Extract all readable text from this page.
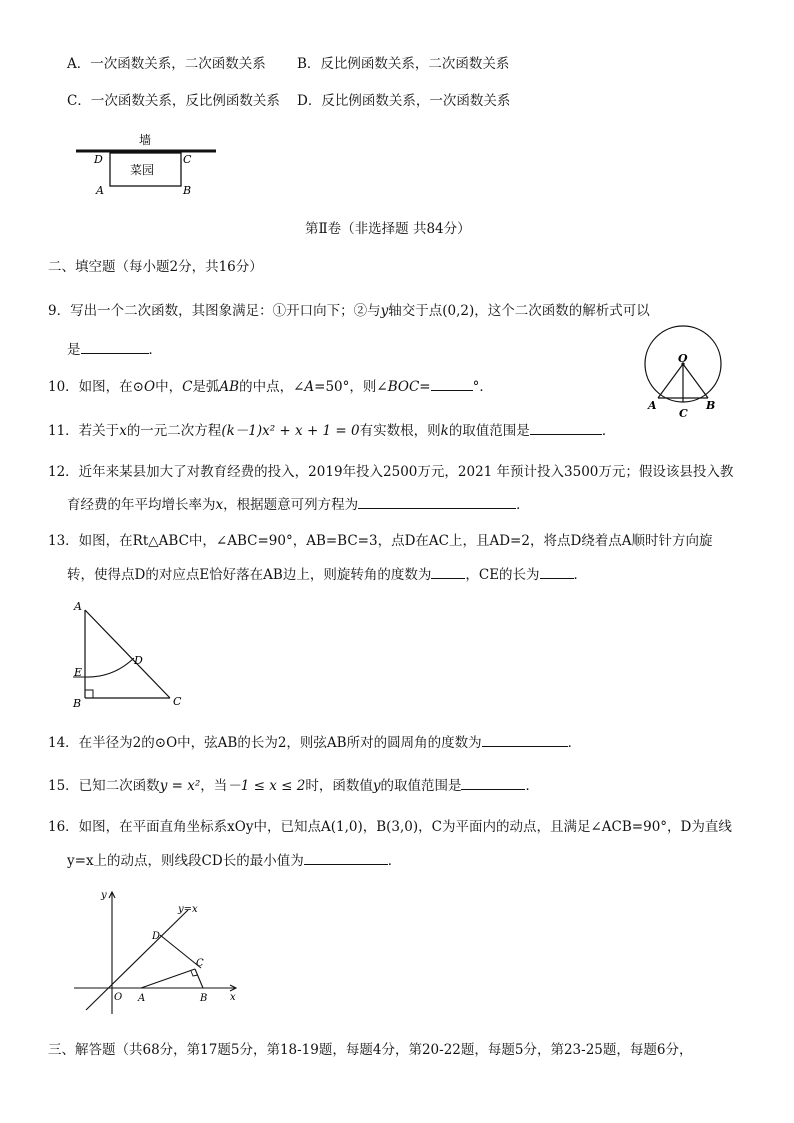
A．一次函数关系，二次函数关系 B．反比例函数关系，二次函数关系
C．一次函数关系，反比例函数关系 D．反比例函数关系，一次函数关系
墙
菜园
D	C
A	B
第Ⅱ卷（非选择题 共84分）
二、填空题（每小题2分，共16分）
9．写出一个二次函数，其图象满足：①开口向下；②与y轴交于点(0,2)，这个二次函数的解析式可以
是	．
10．如图，在⊙O中，C是弧AB的中点，∠A=50°，则∠BOC=	°．
O
A	B
C
11．若关于x的一元二次方程(k－1)x² + x + 1 = 0有实数根，则k的取值范围是	．
12．近年来某县加大了对教育经费的投入，2019年投入2500万元，2021 年预计投入3500万元；假设该县投入教
育经费的年平均增长率为x，根据题意可列方程为	．
13．如图，在Rt△ABC中，∠ABC=90°，AB=BC=3，点D在AC上，且AD=2，将点D绕着点A顺时针方向旋
转，使得点D的对应点E恰好落在AB边上，则旋转角的度数为	，CE的长为	．
A
B	C
D
E
14．在半径为2的⊙O中，弦AB的长为2，则弦AB所对的圆周角的度数为	．
15．已知二次函数y = x²，当－1 ≤ x ≤ 2时，函数值y的取值范围是	．
16．如图，在平面直角坐标系xOy中，已知点A(1,0)，B(3,0)，C为平面内的动点，且满足∠ACB=90°，D为直线
y=x上的动点，则线段CD长的最小值为	．
y
x
y=x
O A	B
C
D
三、解答题（共68分，第17题5分，第18-19题，每题4分，第20-22题，每题5分，第23-25题，每题6分，
